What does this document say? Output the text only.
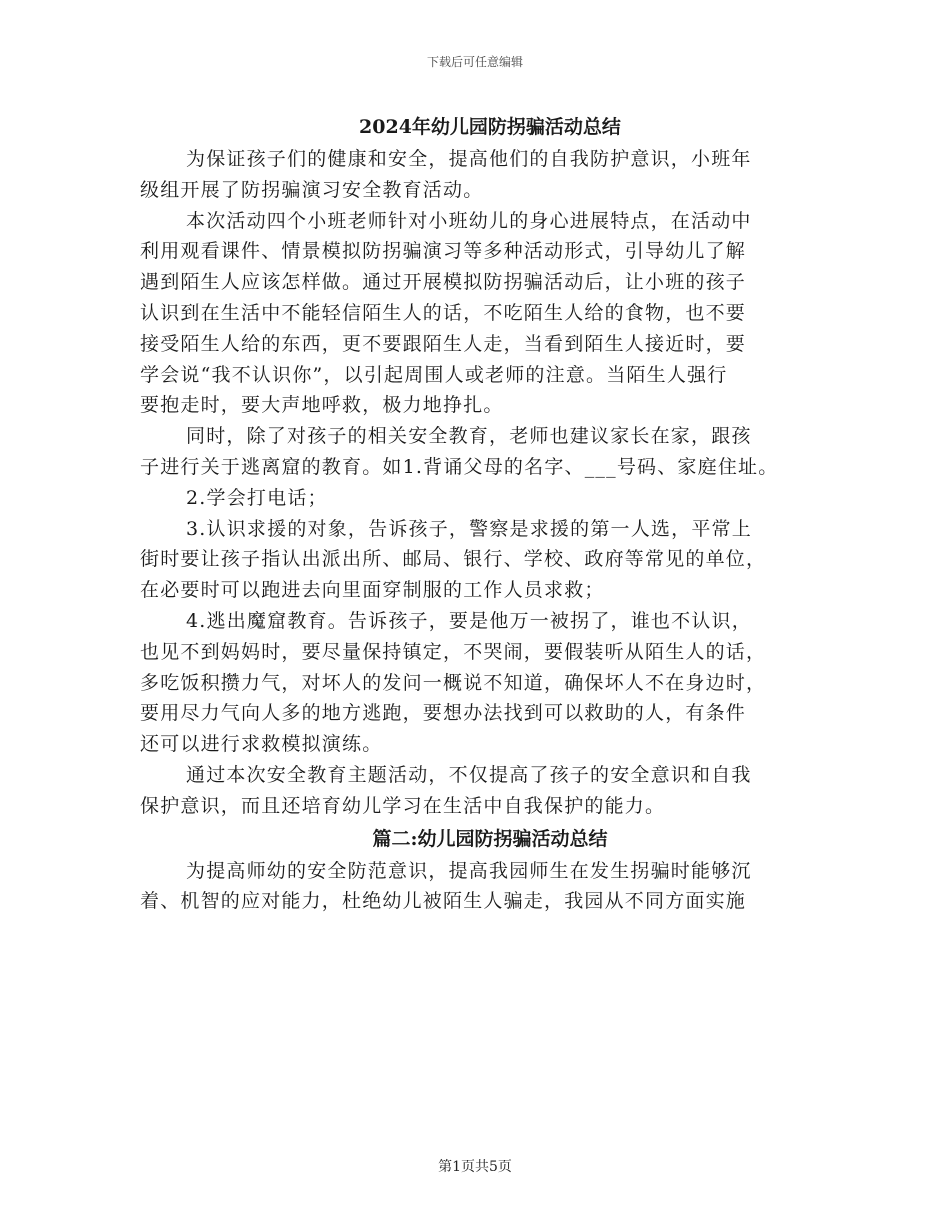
下载后可任意编辑
2024年幼儿园防拐骗活动总结

为保证孩子们的健康和安全，提高他们的自我防护意识，小班年

级组开展了防拐骗演习安全教育活动。

本次活动四个小班老师针对小班幼儿的身心进展特点，在活动中

利用观看课件、情景模拟防拐骗演习等多种活动形式，引导幼儿了解

遇到陌生人应该怎样做。通过开展模拟防拐骗活动后，让小班的孩子

认识到在生活中不能轻信陌生人的话，不吃陌生人给的食物，也不要

接受陌生人给的东西，更不要跟陌生人走，当看到陌生人接近时，要

学会说“我不认识你”，以引起周围人或老师的注意。当陌生人强行

要抱走时，要大声地呼救，极力地挣扎。

同时，除了对孩子的相关安全教育，老师也建议家长在家，跟孩

子进行关于逃离窟的教育。如1.背诵父母的名字、___号码、家庭住址。

2.学会打电话；

3.认识求援的对象，告诉孩子，警察是求援的第一人选，平常上

街时要让孩子指认出派出所、邮局、银行、学校、政府等常见的单位，

在必要时可以跑进去向里面穿制服的工作人员求救；

4.逃出魔窟教育。告诉孩子，要是他万一被拐了，谁也不认识，

也见不到妈妈时，要尽量保持镇定，不哭闹，要假装听从陌生人的话，

多吃饭积攒力气，对坏人的发问一概说不知道，确保坏人不在身边时，

要用尽力气向人多的地方逃跑，要想办法找到可以救助的人，有条件

还可以进行求救模拟演练。

通过本次安全教育主题活动，不仅提高了孩子的安全意识和自我

保护意识，而且还培育幼儿学习在生活中自我保护的能力。

篇二:幼儿园防拐骗活动总结

为提高师幼的安全防范意识，提高我园师生在发生拐骗时能够沉

着、机智的应对能力，杜绝幼儿被陌生人骗走，我园从不同方面实施

第1页共5页
